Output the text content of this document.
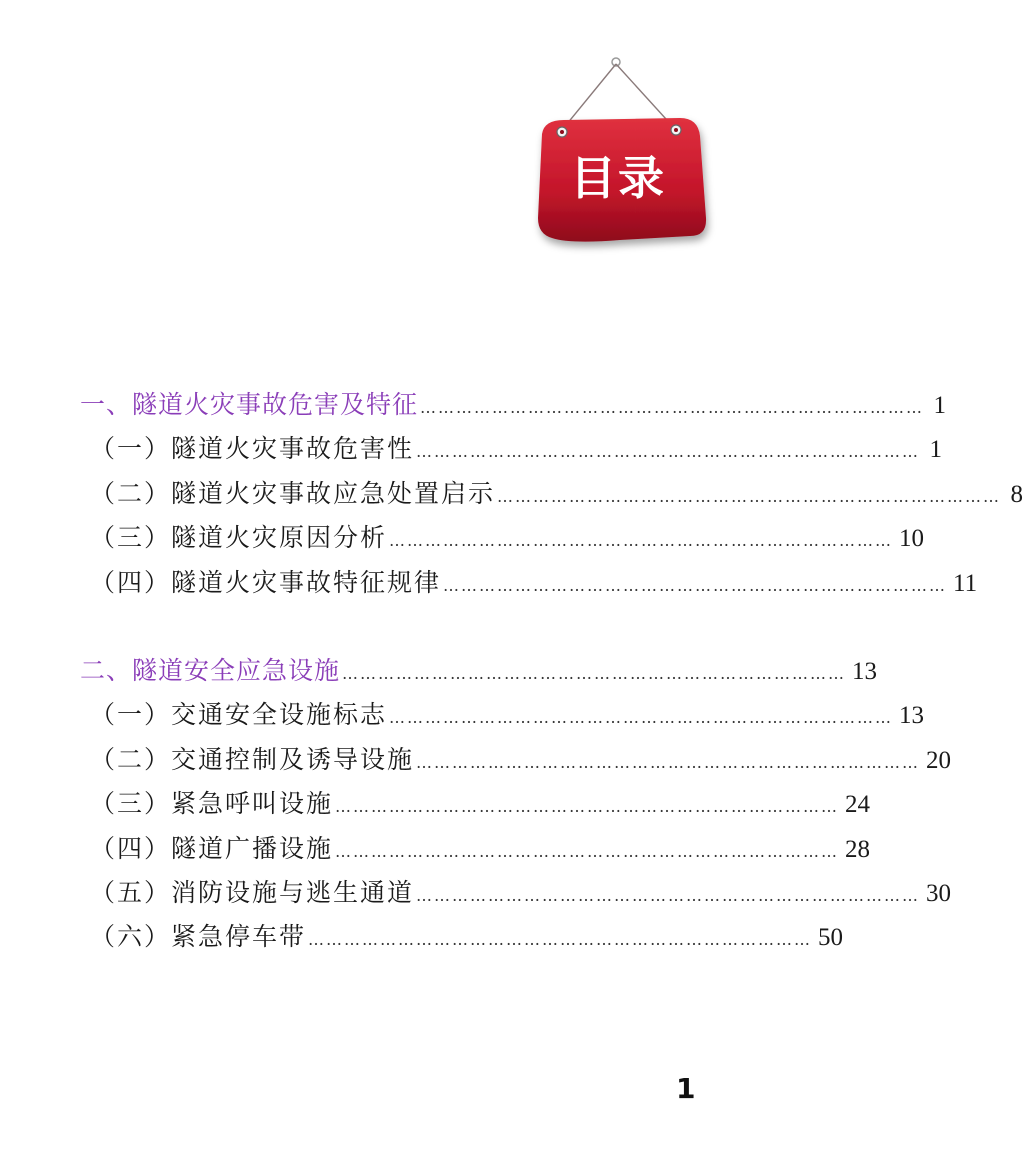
目录
一、隧道火灾事故危害及特征 ………………………………………………………………………… 1
（一）隧道火灾事故危害性 ………………………………………………………………………… 1
（二）隧道火灾事故应急处置启示 ………………………………………………………………………… 8
（三）隧道火灾原因分析 ………………………………………………………………………… 10
（四）隧道火灾事故特征规律 ………………………………………………………………………… 11
二、隧道安全应急设施 ………………………………………………………………………… 13
（一）交通安全设施标志 ………………………………………………………………………… 13
（二）交通控制及诱导设施 ………………………………………………………………………… 20
（三）紧急呼叫设施 ………………………………………………………………………… 24
（四）隧道广播设施 ………………………………………………………………………… 28
（五）消防设施与逃生通道 ………………………………………………………………………… 30
（六）紧急停车带 ………………………………………………………………………… 50
1
